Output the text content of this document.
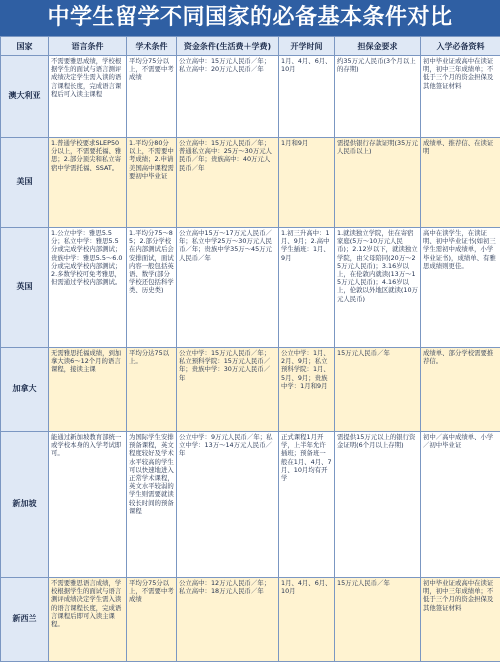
中学生留学不同国家的必备基本条件对比
国家	语言条件	学术条件	资金条件(生活费＋学费)	开学时间	担保金要求	入学必备资料
澳大利亚	不需要雅思成绩，学校根据学生的面试与语言测评成绩决定学生需入读的语言课程长度，完成语言课程后可入读主课程	平均分75分以上，不需要中考成绩	公立高中：15万元人民币／年；私立高中：20万元人民币／年	1月、4月、6月、10月	约35万元人民币(3个月以上的存期)	初中毕业证或高中在读证明，初中三年成绩单；不低于三个月的资金担保及其他签证材料
美国	1.普通学校要求SLEP50分以上，不需要托福、雅思；2.部分顶尖和私立寄宿中学需托福、SSAT。	1.平均分80分以上，不需要中考成绩；2.申请美国高中课程需要初中毕业证	公立高中：15万元人民币／年；普通私立高中：25万～30万元人民币／年；贵族高中：40万元人民币／年	1月和9月	需提供银行存款证明(35万元人民币以上)	成绩单、推荐信、在读证明
英国	1.公立中学：雅思5.5分；私立中学：雅思5.5分或完成学校内部测试；贵族中学：雅思5.5～6.0分或完成学校内部测试；2.多数学校可免考雅思，但需通过学校内部测试。	1.平均分75～85；2.部分学校在内部测试后会安排面试，面试内容一般包括英语、数学(部分学校还包括科学类、历史类)	公立高中15万～17万元人民币／年；私立中学25万～30万元人民币／年；贵族中学35万～45万元人民币／年	1.初三升高中：1月、9月；2.高中学生插班：1月、9月	1.就读独立学院，住在寄宿家庭(5万～10万元人民币)；2.12岁以下，就读独立学院，由父母陪同(20万～25万元人民币)；3.16岁以上，在伦敦内就读(13万～15万元人民币)；4.16岁以上，伦敦以外地区就读(10万元人民币)	高中在读学生，在读证明、初中毕业证书(如初三学生需初中成绩单，小学毕业证书)，成绩单、有雅思成绩则更佳。
加拿大	无需雅思托福成绩，到加拿大读6～12个月的语言课程，接读主课	平均分达75以上。	公立中学：15万元人民币／年；私立预科学院：15万元人民币／年；贵族中学：30万元人民币／年	公立中学：1月、2月、9月；私立预科学院：1月、5月、9月；贵族中学：1月和9月	15万元人民币／年	成绩单、部分学校需要推荐信。
新加坡	能通过新加坡教育部统一或学校本身的入学考试即可。	为国际学生安排预备课程，英文程度较好及学术水平较高的学生可以快速地进入正常学术课程，英文水平较弱的学生则需要就读较长时间的预备课程	公立中学：9万元人民币／年；私立中学：13万～14万元人民币／年	正式课程1月开学，上半年允许插班；预备班一般在1月、4月、7月、10月均有开学	需提供15万元以上的银行资金证明(6个月以上存期)	初中／高中成绩单、小学／初中毕业证
新西兰	不需要雅思语言成绩，学校根据学生的面试与语言测评成绩决定学生需入读的语言课程长度，完成语言课程后即可入读主课程。	平均分75分以上，不需要中考成绩	公立高中：12万元人民币／年；私立高中：18万元人民币／年	1月、4月、6月、10月	15万元人民币／年	初中毕业证或高中在读证明，初中三年成绩单；不低于三个月的资金担保及其他签证材料
